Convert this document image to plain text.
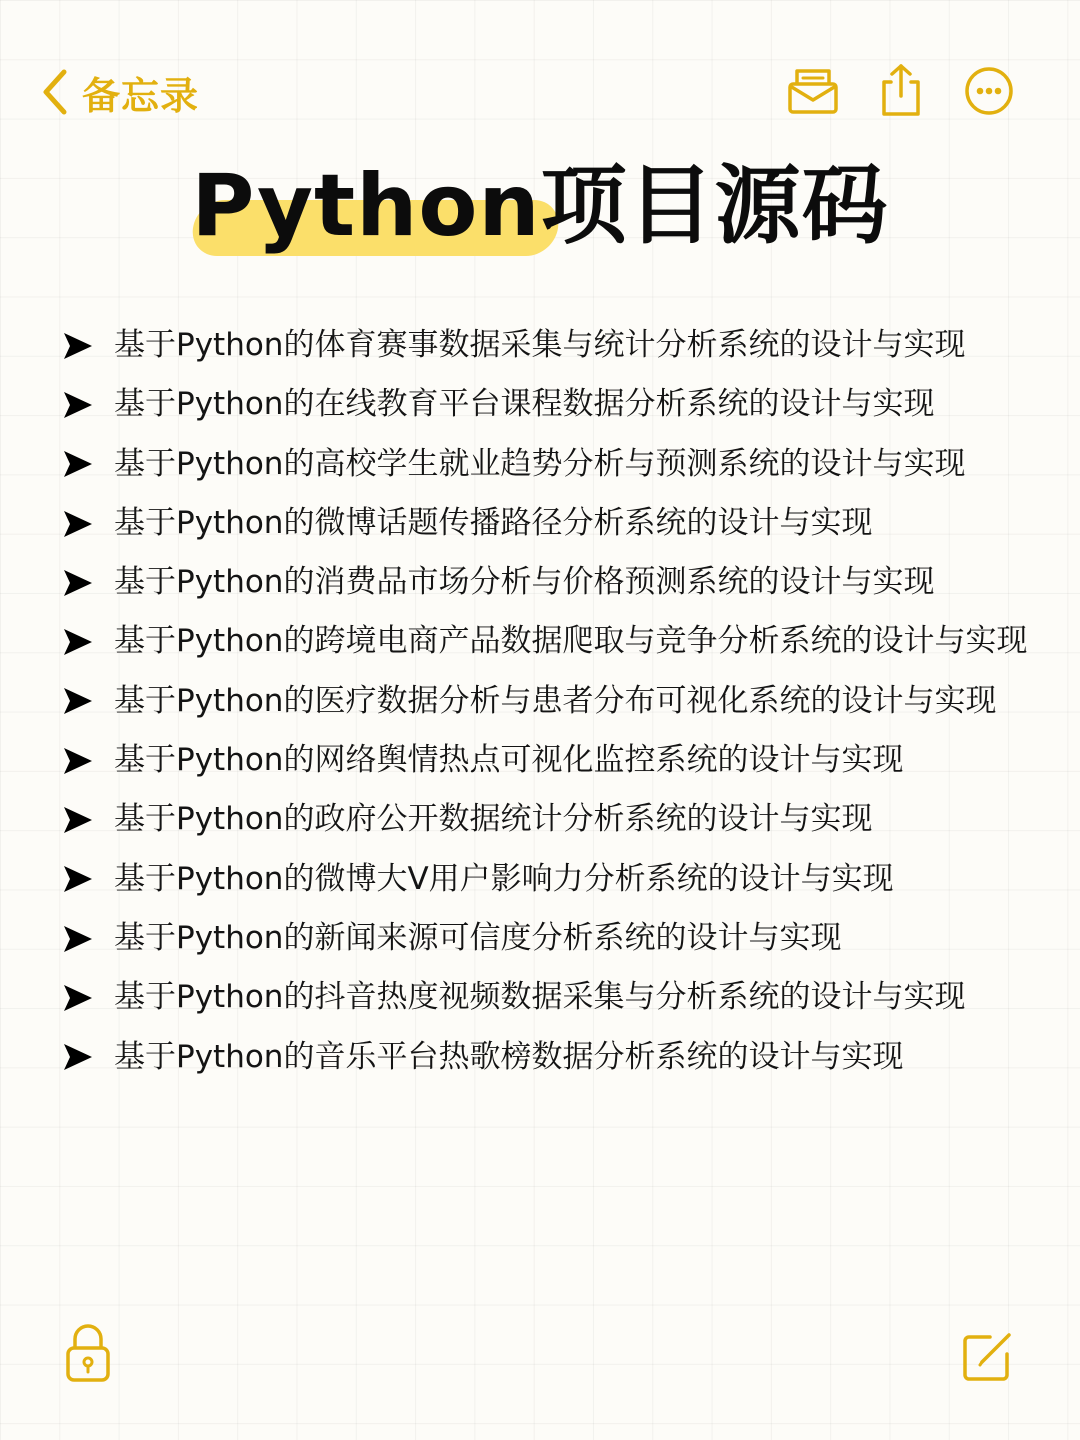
备忘录
Python项目源码
基于Python的体育赛事数据采集与统计分析系统的设计与实现
基于Python的在线教育平台课程数据分析系统的设计与实现
基于Python的高校学生就业趋势分析与预测系统的设计与实现
基于Python的微博话题传播路径分析系统的设计与实现
基于Python的消费品市场分析与价格预测系统的设计与实现
基于Python的跨境电商产品数据爬取与竞争分析系统的设计与实现
基于Python的医疗数据分析与患者分布可视化系统的设计与实现
基于Python的网络舆情热点可视化监控系统的设计与实现
基于Python的政府公开数据统计分析系统的设计与实现
基于Python的微博大V用户影响力分析系统的设计与实现
基于Python的新闻来源可信度分析系统的设计与实现
基于Python的抖音热度视频数据采集与分析系统的设计与实现
基于Python的音乐平台热歌榜数据分析系统的设计与实现
